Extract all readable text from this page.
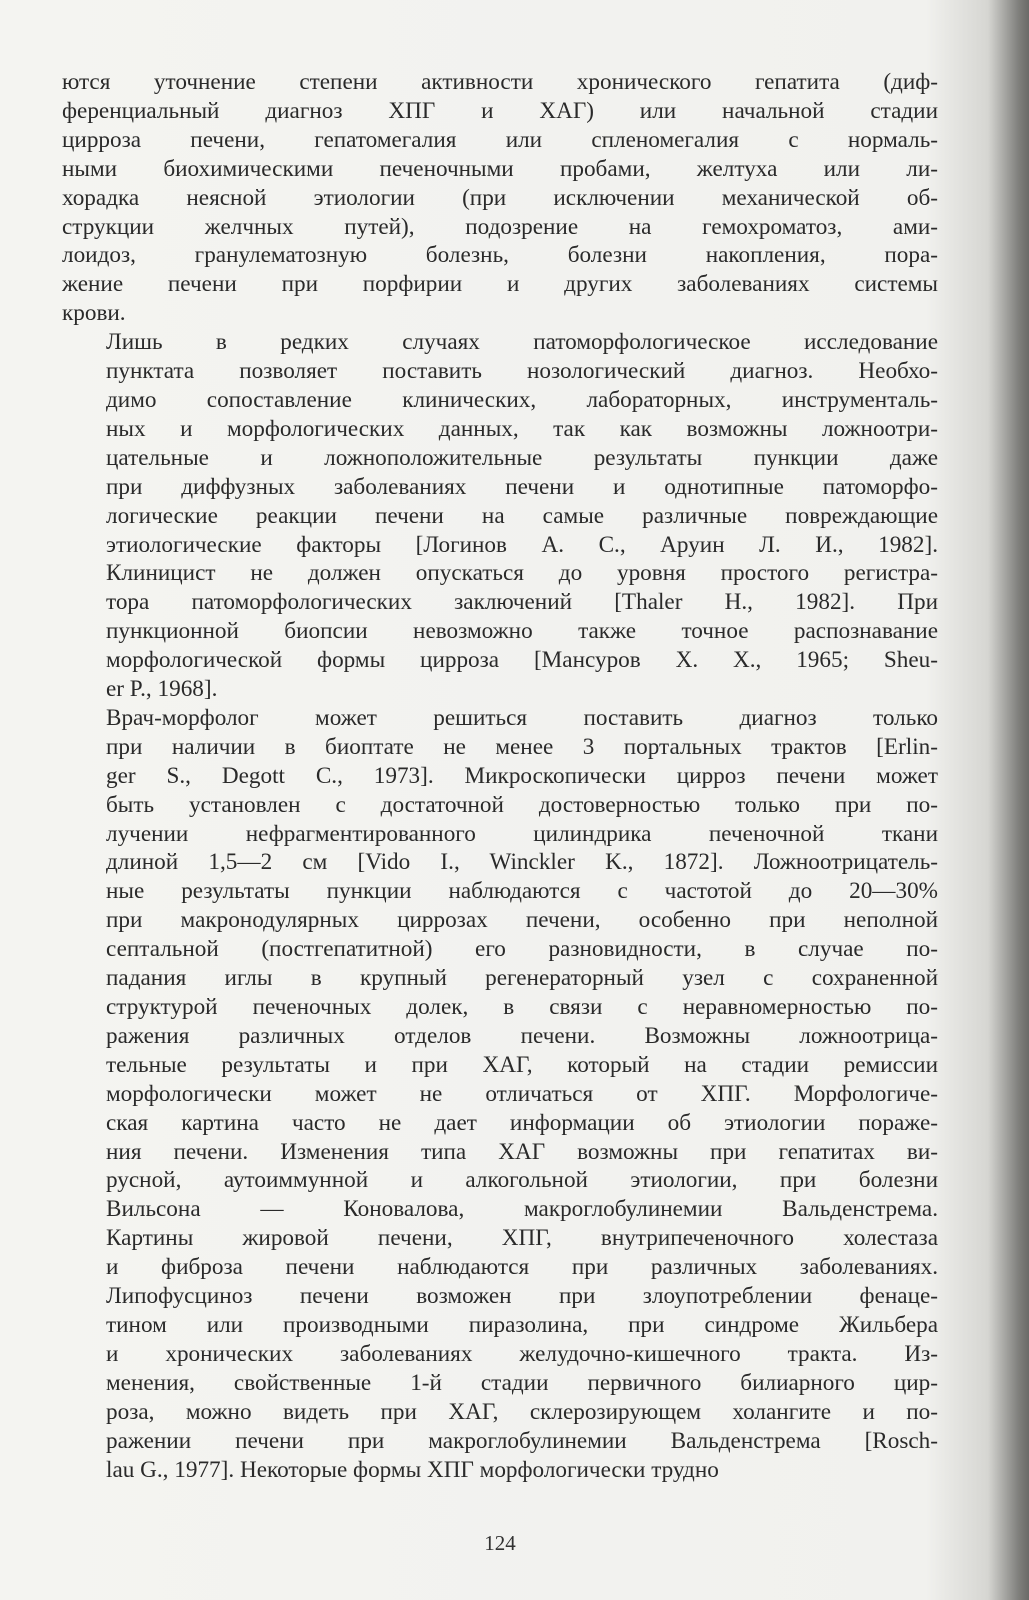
ются уточнение степени активности хронического гепатита (диф-
ференциальный диагноз ХПГ и ХАГ) или начальной стадии
цирроза печени, гепатомегалия или спленомегалия с нормаль-
ными биохимическими печеночными пробами, желтуха или ли-
хорадка неясной этиологии (при исключении механической об-
струкции желчных путей), подозрение на гемохроматоз, ами-
лоидоз, гранулематозную болезнь, болезни накопления, пора-
жение печени при порфирии и других заболеваниях системы
крови.
Лишь в редких случаях патоморфологическое исследование
пунктата позволяет поставить нозологический диагноз. Необхо-
димо сопоставление клинических, лабораторных, инструменталь-
ных и морфологических данных, так как возможны ложноотри-
цательные и ложноположительные результаты пункции даже
при диффузных заболеваниях печени и однотипные патоморфо-
логические реакции печени на самые различные повреждающие
этиологические факторы [Логинов А. С., Аруин Л. И., 1982].
Клиницист не должен опускаться до уровня простого регистра-
тора патоморфологических заключений [Thaler H., 1982]. При
пункционной биопсии невозможно также точное распознавание
морфологической формы цирроза [Мансуров Х. Х., 1965; Sheu-
er P., 1968].
Врач-морфолог может решиться поставить диагноз только
при наличии в биоптате не менее 3 портальных трактов [Erlin-
ger S., Degott C., 1973]. Микроскопически цирроз печени может
быть установлен с достаточной достоверностью только при по-
лучении нефрагментированного цилиндрика печеночной ткани
длиной 1,5—2 см [Vido I., Winckler K., 1872]. Ложноотрицатель-
ные результаты пункции наблюдаются с частотой до 20—30%
при макронодулярных циррозах печени, особенно при неполной
септальной (постгепатитной) его разновидности, в случае по-
падания иглы в крупный регенераторный узел с сохраненной
структурой печеночных долек, в связи с неравномерностью по-
ражения различных отделов печени. Возможны ложноотрица-
тельные результаты и при ХАГ, который на стадии ремиссии
морфологически может не отличаться от ХПГ. Морфологиче-
ская картина часто не дает информации об этиологии пораже-
ния печени. Изменения типа ХАГ возможны при гепатитах ви-
русной, аутоиммунной и алкогольной этиологии, при болезни
Вильсона — Коновалова, макроглобулинемии Вальденстрема.
Картины жировой печени, ХПГ, внутрипеченочного холестаза
и фиброза печени наблюдаются при различных заболеваниях.
Липофусциноз печени возможен при злоупотреблении фенаце-
тином или производными пиразолина, при синдроме Жильбера
и хронических заболеваниях желудочно-кишечного тракта. Из-
менения, свойственные 1-й стадии первичного билиарного цир-
роза, можно видеть при ХАГ, склерозирующем холангите и по-
ражении печени при макроглобулинемии Вальденстрема [Rosch-
lau G., 1977]. Некоторые формы ХПГ морфологически трудно
124
